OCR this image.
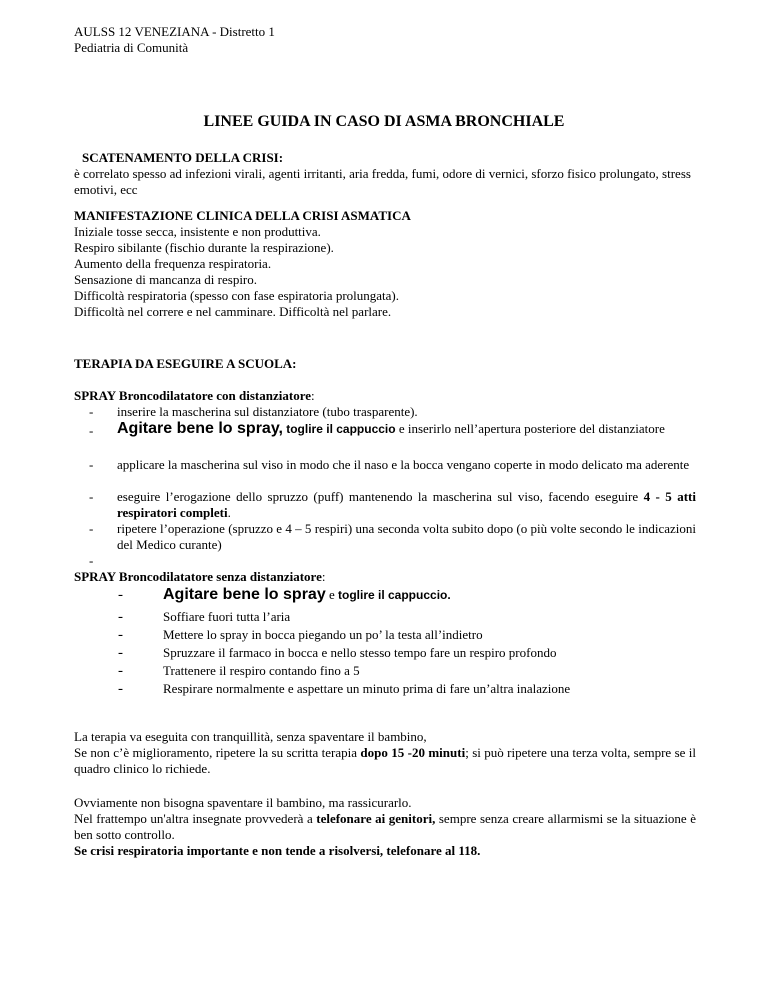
AULSS 12 VENEZIANA - Distretto 1
Pediatria di Comunità
LINEE GUIDA IN CASO DI ASMA BRONCHIALE
SCATENAMENTO DELLA CRISI:
è correlato spesso ad infezioni virali, agenti irritanti, aria fredda, fumi, odore di vernici, sforzo fisico prolungato, stress emotivi, ecc
MANIFESTAZIONE CLINICA DELLA CRISI ASMATICA
Iniziale tosse secca, insistente e non produttiva.
Respiro sibilante (fischio durante la respirazione).
Aumento della frequenza respiratoria.
Sensazione di mancanza di respiro.
Difficoltà respiratoria (spesso con fase espiratoria prolungata).
Difficoltà nel correre e nel camminare. Difficoltà nel parlare.
TERAPIA DA ESEGUIRE A SCUOLA:
SPRAY Broncodilatatore con distanziatore:
- inserire la mascherina sul distanziatore (tubo trasparente).
- Agitare bene lo spray, toglire il cappuccio e inserirlo nell’apertura posteriore del distanziatore
- applicare la mascherina sul viso in modo che il naso e la bocca vengano coperte in modo delicato ma aderente
- eseguire l’erogazione dello spruzzo (puff) mantenendo la mascherina sul viso, facendo eseguire 4 - 5 atti respiratori completi.
- ripetere l’operazione (spruzzo e 4 – 5 respiri) una seconda volta subito dopo (o più volte secondo le indicazioni del Medico curante)
-
SPRAY Broncodilatatore senza distanziatore:
-	Agitare bene lo spray e toglire il cappuccio.
-	Soffiare fuori tutta l’aria
-	Mettere lo spray in bocca piegando un po’ la testa all’indietro
-	Spruzzare il farmaco in bocca e nello stesso tempo fare un respiro profondo
-	Trattenere il respiro contando fino a 5
-	Respirare normalmente e aspettare un minuto prima di fare un’altra inalazione
La terapia va eseguita con tranquillità, senza spaventare il bambino,
Se non c’è miglioramento, ripetere la su scritta terapia dopo 15 -20 minuti; si può ripetere una terza volta, sempre se il quadro clinico lo richiede.
Ovviamente non bisogna spaventare il bambino, ma rassicurarlo.
Nel frattempo un'altra insegnate provvederà a telefonare ai genitori, sempre senza creare allarmismi se la situazione è ben sotto controllo.
Se crisi respiratoria importante e non tende a risolversi, telefonare al 118.
